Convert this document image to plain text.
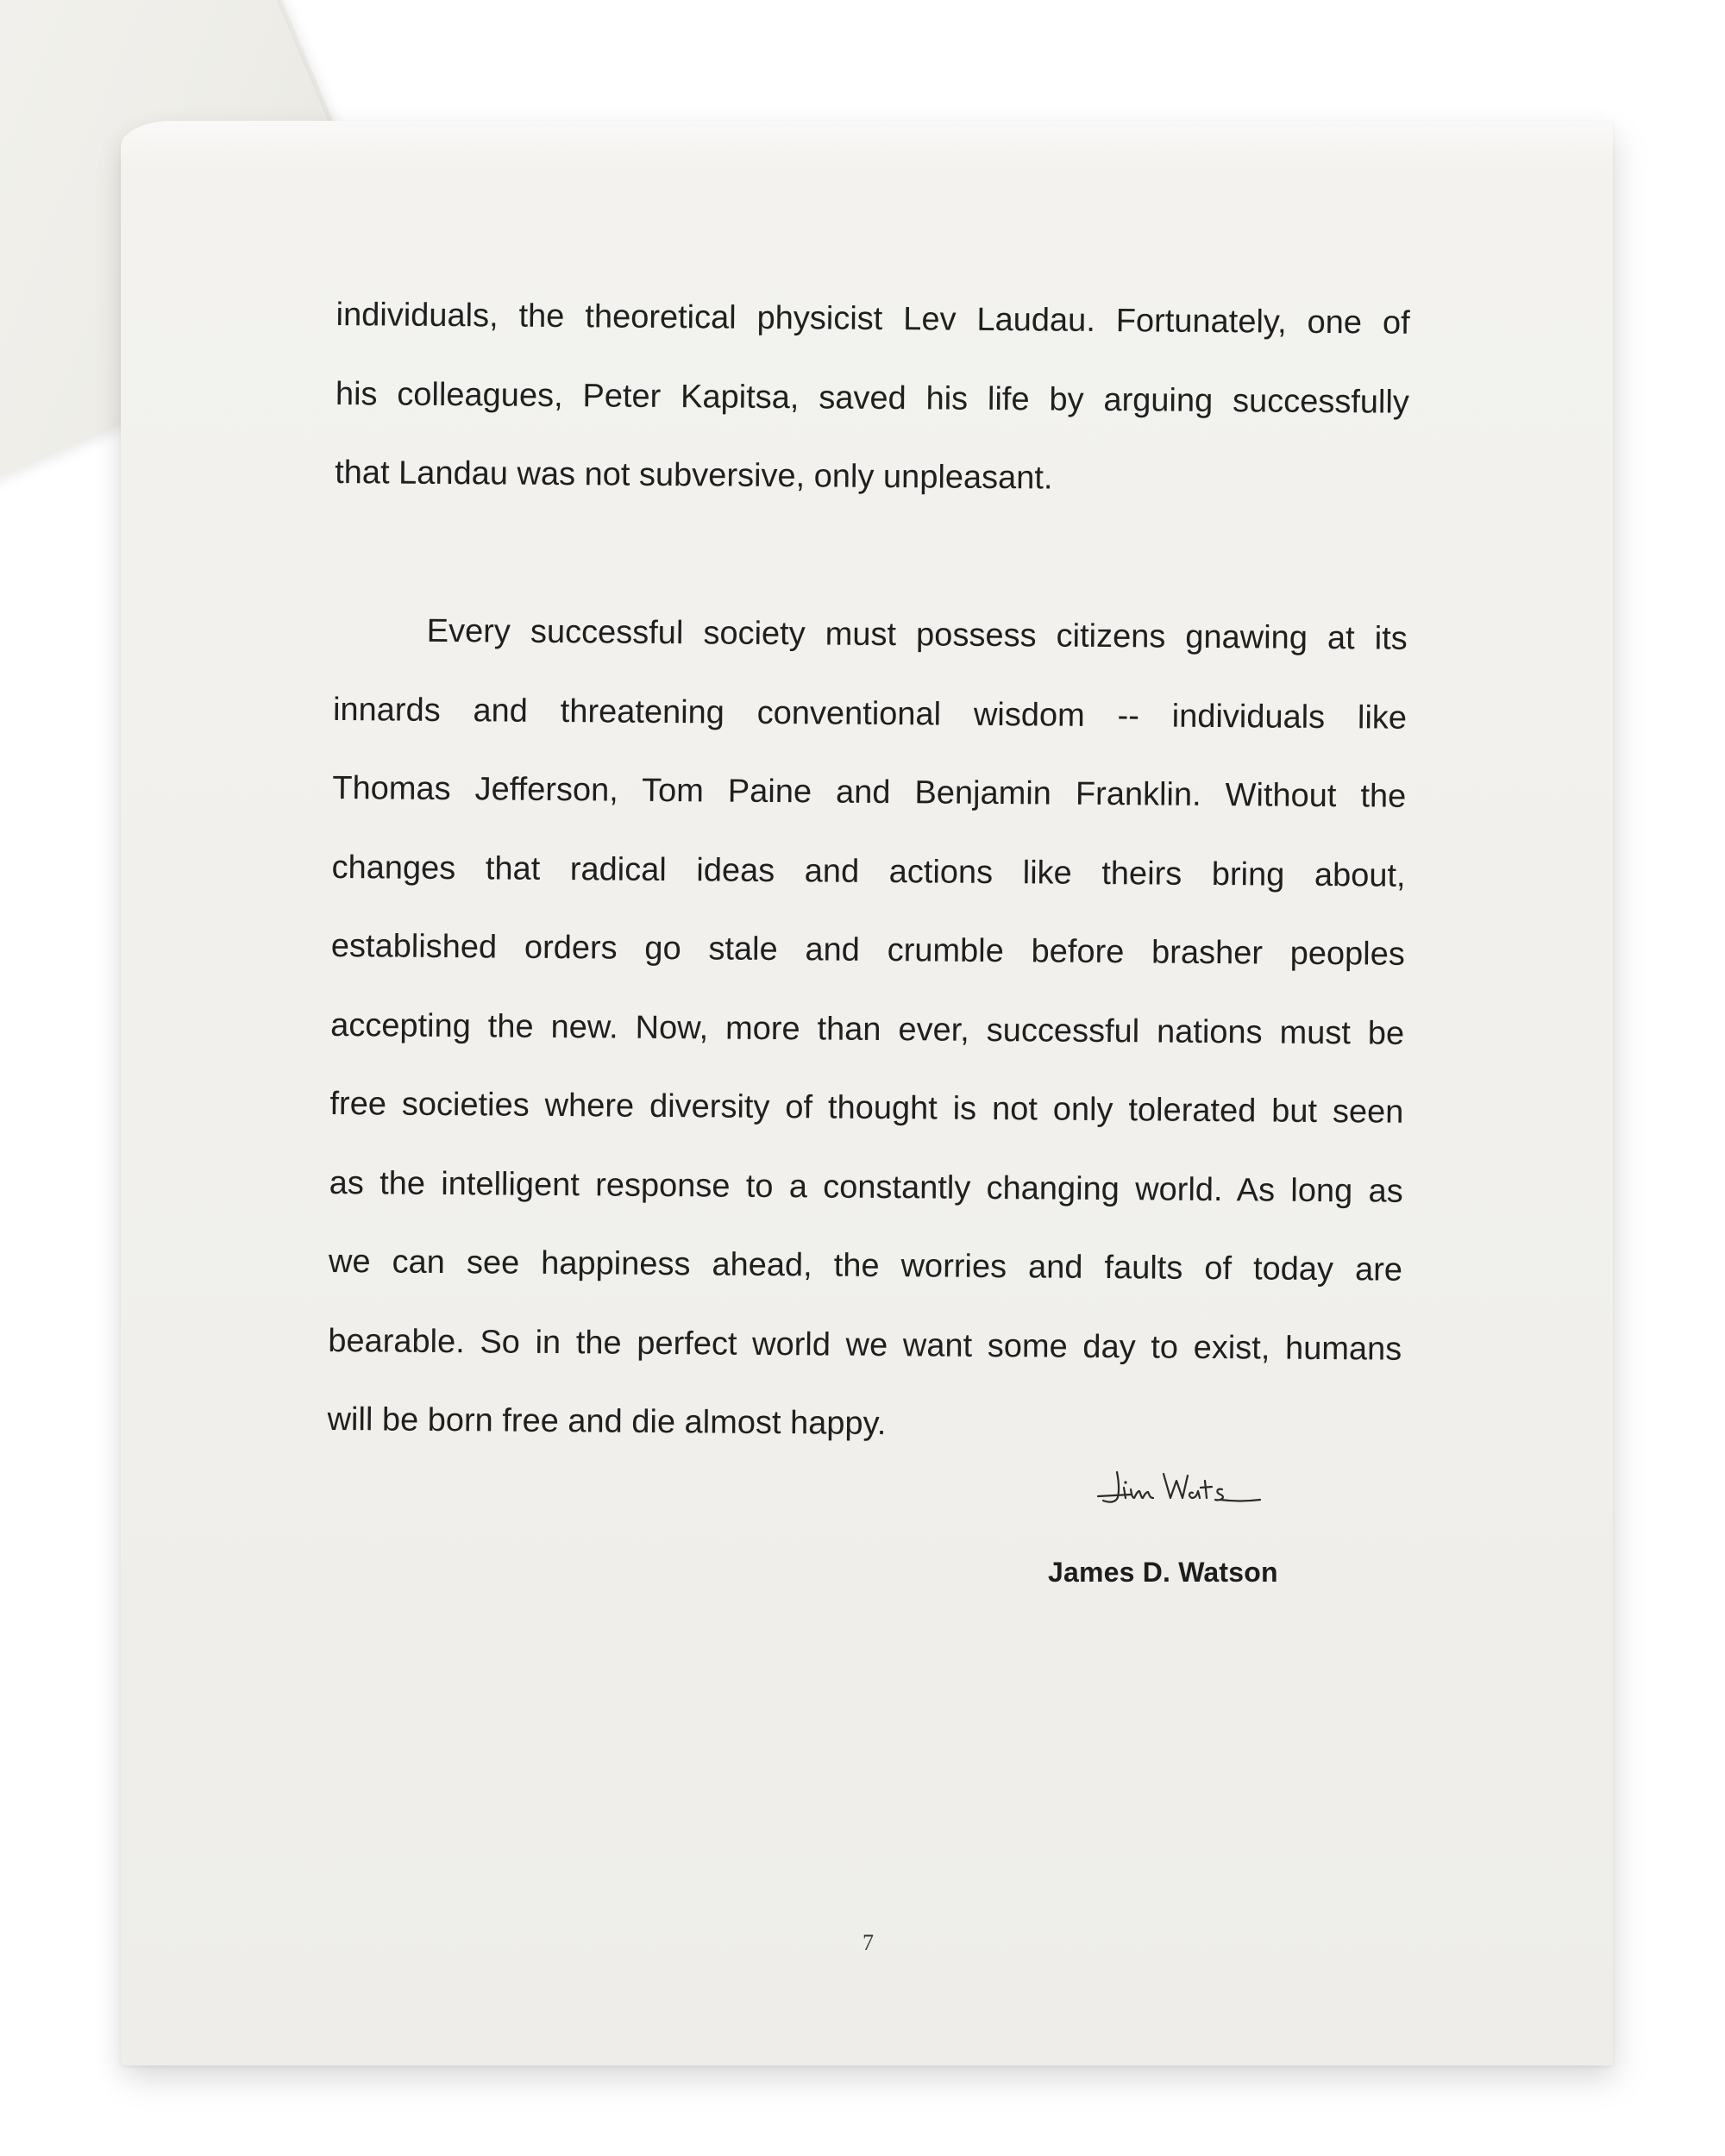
individuals, the theoretical physicist Lev Laudau. Fortunately, one of
his colleagues, Peter Kapitsa, saved his life by arguing successfully
that Landau was not subversive, only unpleasant.
Every successful society must possess citizens gnawing at its
innards and threatening conventional wisdom -- individuals like
Thomas Jefferson, Tom Paine and Benjamin Franklin. Without the
changes that radical ideas and actions like theirs bring about,
established orders go stale and crumble before brasher peoples
accepting the new. Now, more than ever, successful nations must be
free societies where diversity of thought is not only tolerated but seen
as the intelligent response to a constantly changing world. As long as
we can see happiness ahead, the worries and faults of today are
bearable. So in the perfect world we want some day to exist, humans
will be born free and die almost happy.
James D. Watson
7
